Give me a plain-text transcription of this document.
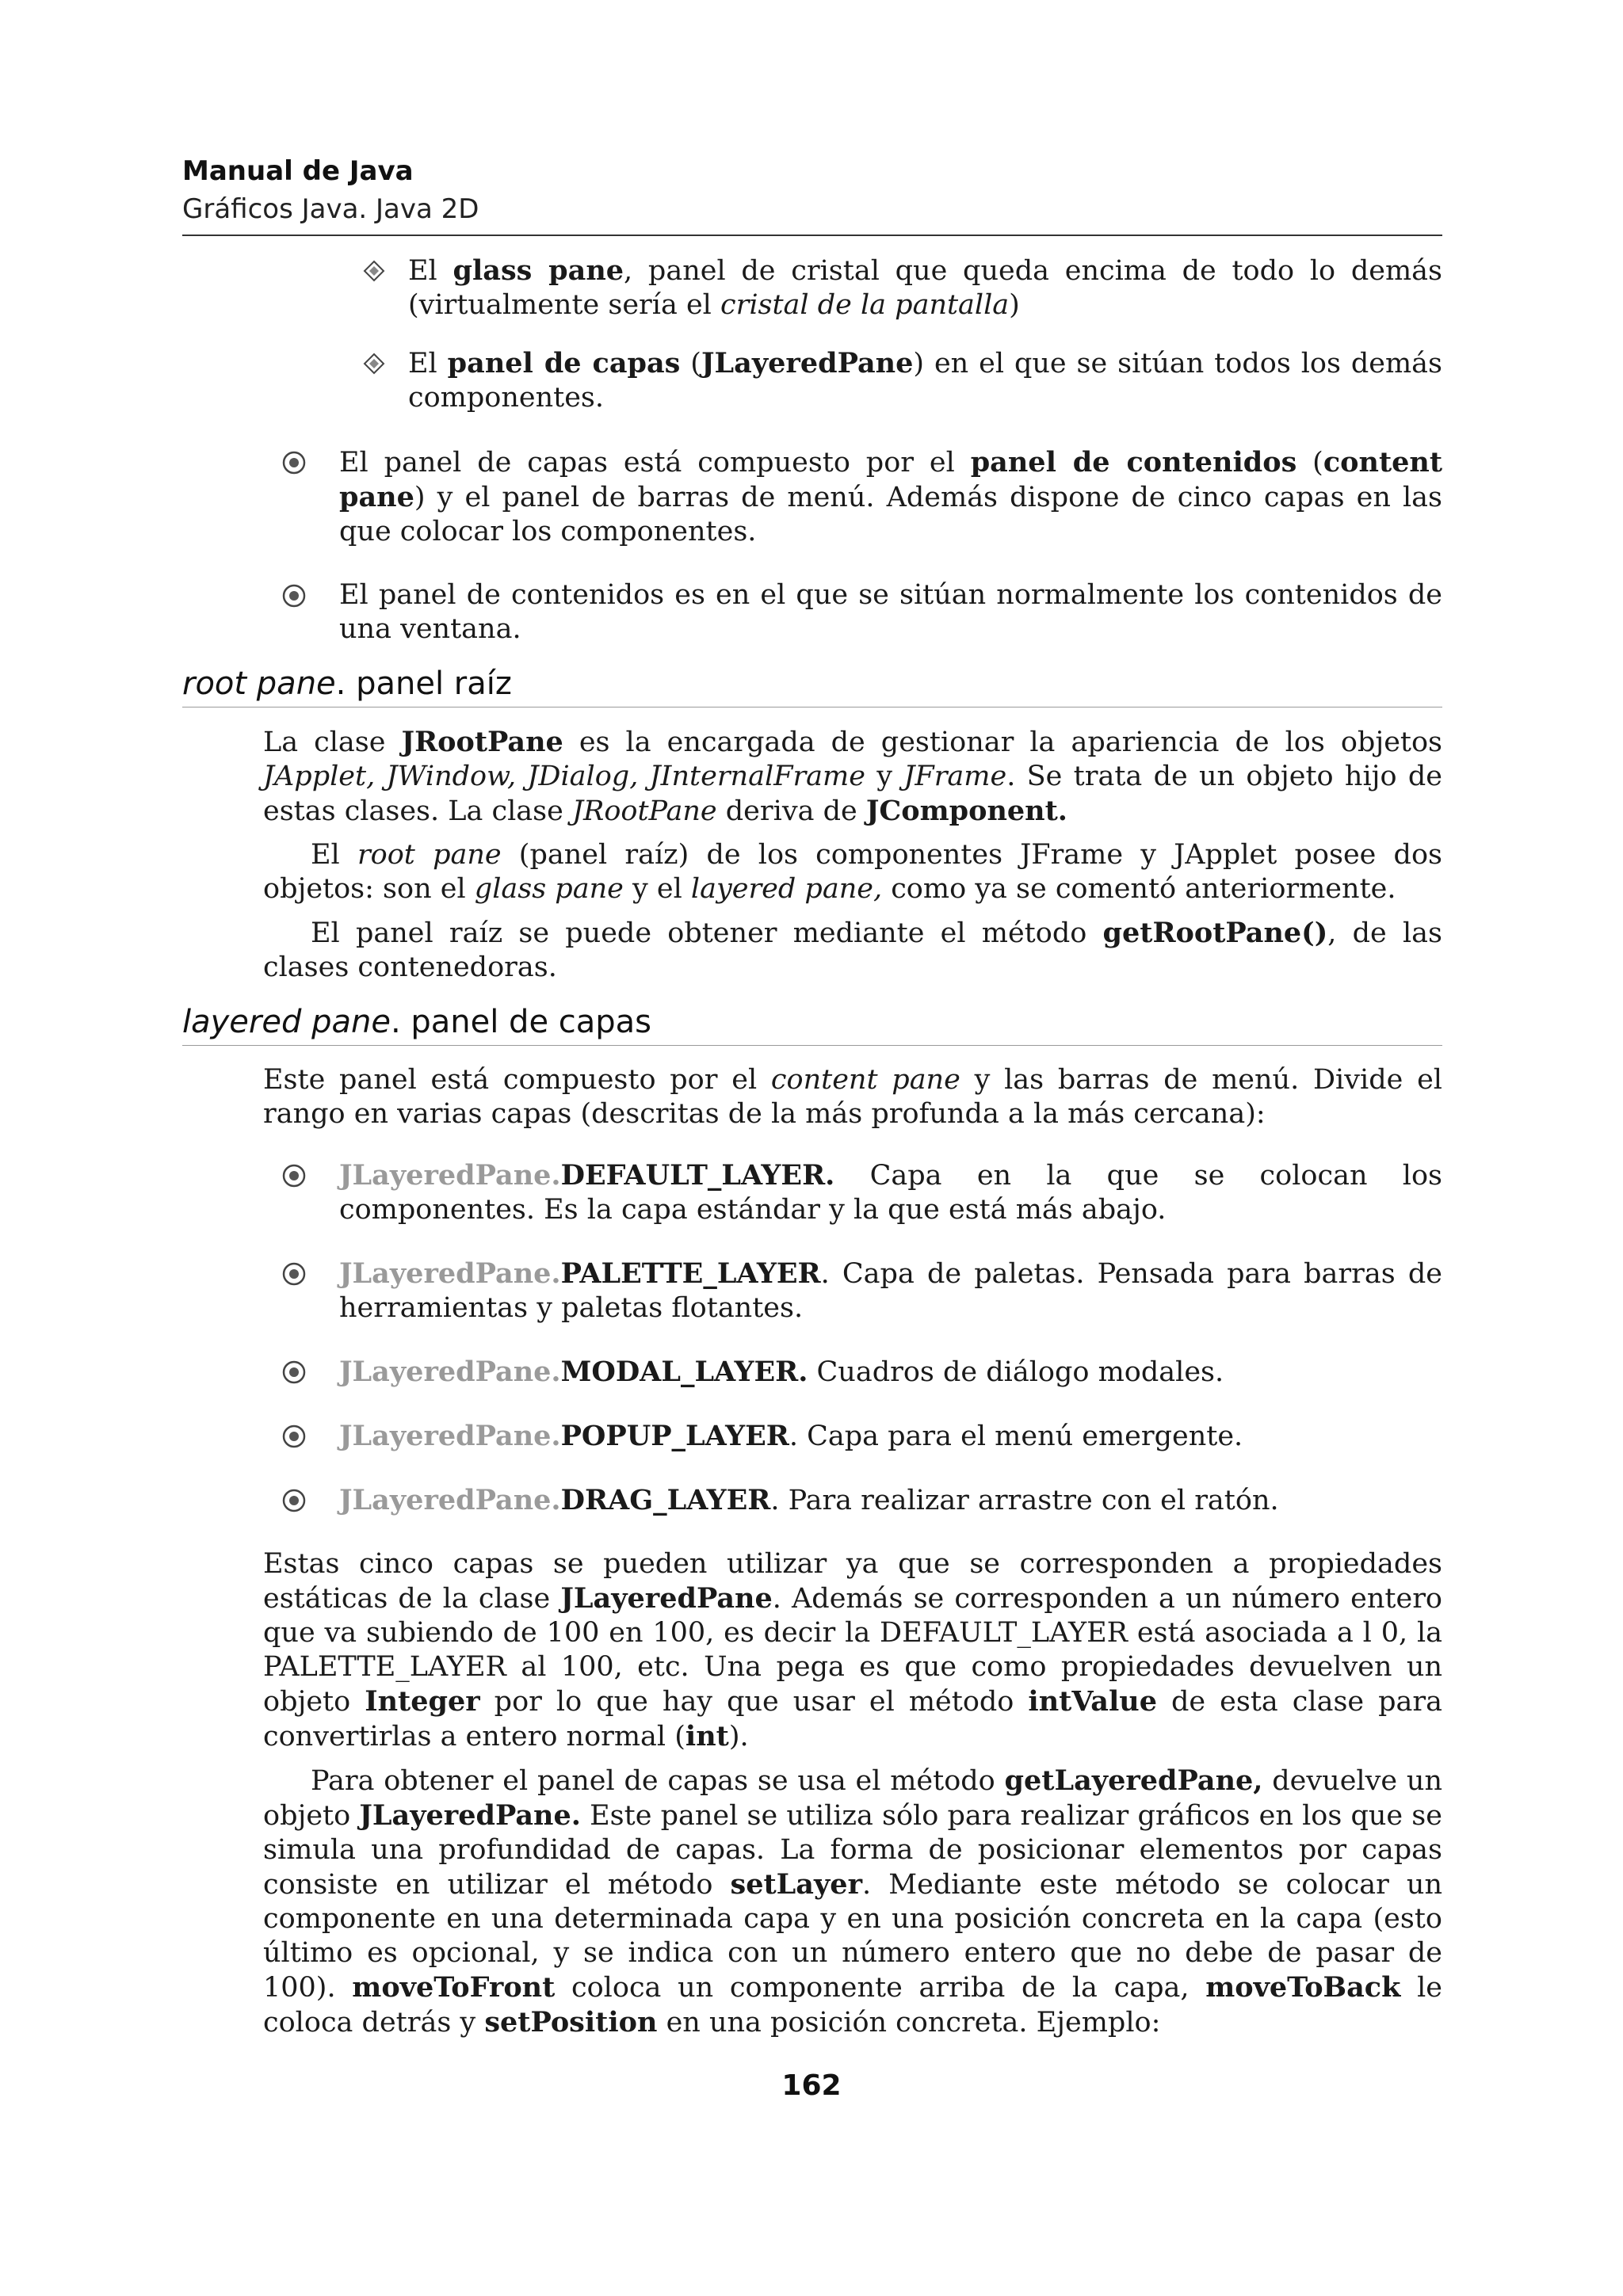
Manual de Java
Gráficos Java. Java 2D
El glass pane, panel de cristal que queda encima de todo lo demás (virtualmente sería el cristal de la pantalla)
El panel de capas (JLayeredPane) en el que se sitúan todos los demás componentes.
El panel de capas está compuesto por el panel de contenidos (content pane) y el panel de barras de menú. Además dispone de cinco capas en las que colocar los componentes.
El panel de contenidos es en el que se sitúan normalmente los contenidos de una ventana.
root pane. panel raíz
La clase JRootPane es la encargada de gestionar la apariencia de los objetos JApplet, JWindow, JDialog, JInternalFrame y JFrame. Se trata de un objeto hijo de estas clases. La clase JRootPane deriva de JComponent.
El root pane (panel raíz) de los componentes JFrame y JApplet posee dos objetos: son el glass pane y el layered pane, como ya se comentó anteriormente.
El panel raíz se puede obtener mediante el método getRootPane(), de las clases contenedoras.
layered pane. panel de capas
Este panel está compuesto por el content pane y las barras de menú. Divide el rango en varias capas (descritas de la más profunda a la más cercana):
JLayeredPane.DEFAULT_LAYER. Capa en la que se colocan los componentes. Es la capa estándar y la que está más abajo.
JLayeredPane.PALETTE_LAYER. Capa de paletas. Pensada para barras de herramientas y paletas flotantes.
JLayeredPane.MODAL_LAYER. Cuadros de diálogo modales.
JLayeredPane.POPUP_LAYER. Capa para el menú emergente.
JLayeredPane.DRAG_LAYER. Para realizar arrastre con el ratón.
Estas cinco capas se pueden utilizar ya que se corresponden a propiedades estáticas de la clase JLayeredPane. Además se corresponden a un número entero que va subiendo de 100 en 100, es decir la DEFAULT_LAYER está asociada a l 0, la PALETTE_LAYER al 100, etc. Una pega es que como propiedades devuelven un objeto Integer por lo que hay que usar el método intValue de esta clase para convertirlas a entero normal (int).
Para obtener el panel de capas se usa el método getLayeredPane, devuelve un objeto JLayeredPane. Este panel se utiliza sólo para realizar gráficos en los que se simula una profundidad de capas. La forma de posicionar elementos por capas consiste en utilizar el método setLayer. Mediante este método se colocar un componente en una determinada capa y en una posición concreta en la capa (esto último es opcional, y se indica con un número entero que no debe de pasar de 100). moveToFront coloca un componente arriba de la capa, moveToBack le coloca detrás y setPosition en una posición concreta. Ejemplo:
162
